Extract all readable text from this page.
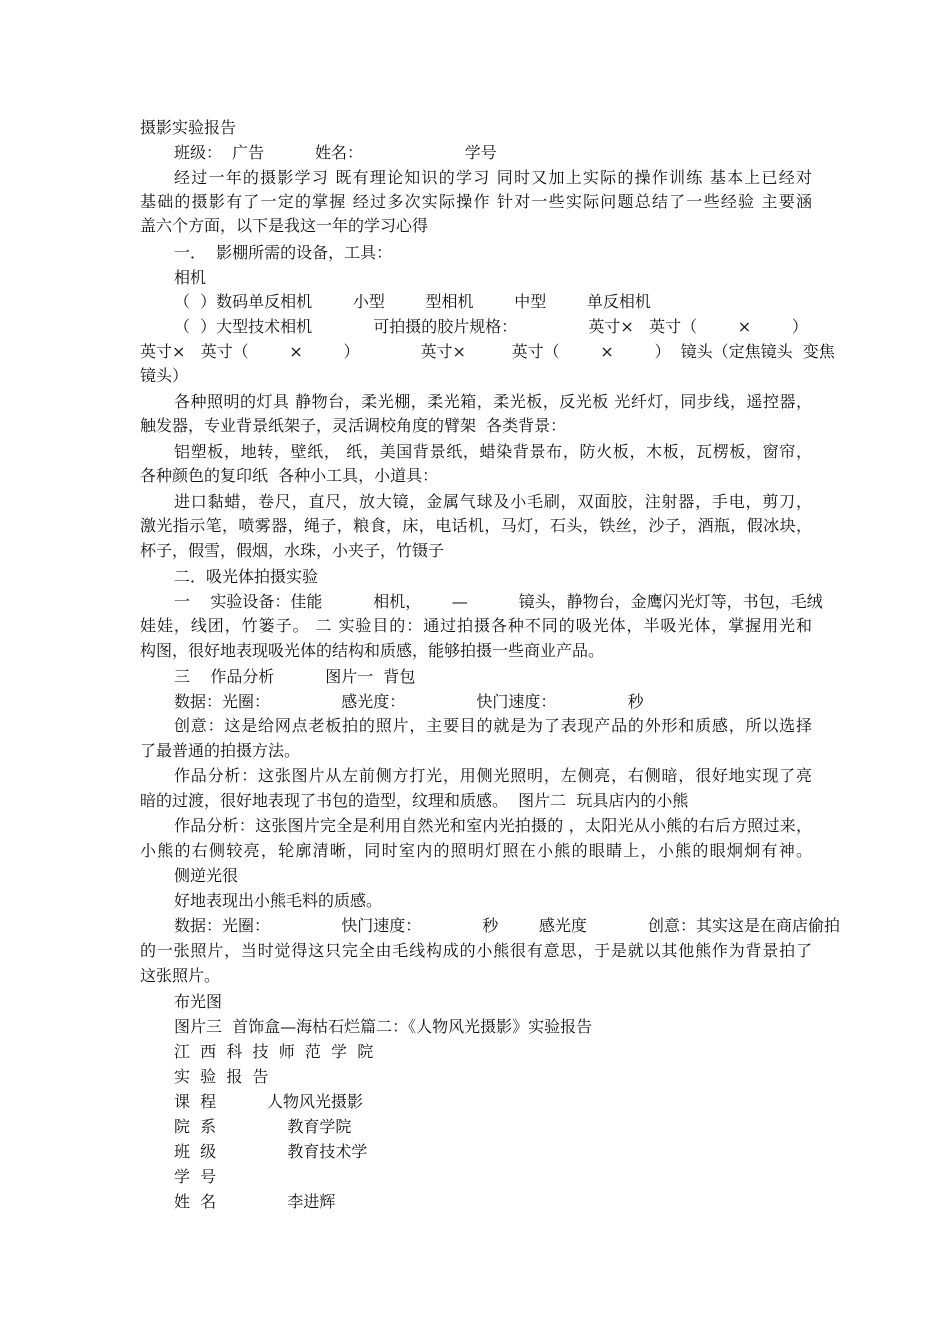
摄影实验报告
班级：  广告          姓名：                    学号
经过一年的摄影学习 既有理论知识的学习 同时又加上实际的操作训练 基本上已经对
基础的摄影有了一定的掌握 经过多次实际操作 针对一些实际问题总结了一些经验 主要涵
盖六个方面，以下是我这一年的学习心得
一．  影棚所需的设备，工具：
相机
（  ）数码单反相机        小型        型相机        中型        单反相机
（  ）大型技术相机            可拍摄的胶片规格：              英寸×   英寸（        ×        ）
英寸×   英寸（        ×        ）            英寸×         英寸（        ×        ）  镜头（定焦镜头  变焦
镜头）
各种照明的灯具 静物台，柔光棚，柔光箱，柔光板，反光板 光纤灯，同步线，遥控器，
触发器，专业背景纸架子，灵活调校角度的臂架  各类背景：
铝塑板，地转，壁纸， 纸，美国背景纸，蜡染背景布，防火板，木板，瓦楞板，窗帘，
各种颜色的复印纸  各种小工具，小道具：
进口黏蜡，卷尺，直尺，放大镜，金属气球及小毛刷，双面胶，注射器，手电，剪刀，
激光指示笔，喷雾器，绳子，粮食，床，电话机，马灯，石头，铁丝，沙子，酒瓶，假冰块，
杯子，假雪，假烟，水珠，小夹子，竹镊子
二．吸光体拍摄实验
一    实验设备：佳能          相机，      —          镜头，静物台，金鹰闪光灯等，书包，毛绒
娃娃，线团，竹篓子。 二 实验目的：通过拍摄各种不同的吸光体，半吸光体，掌握用光和
构图，很好地表现吸光体的结构和质感，能够拍摄一些商业产品。
三    作品分析          图片一  背包
数据：光圈：              感光度：              快门速度：              秒
创意：这是给网点老板拍的照片，主要目的就是为了表现产品的外形和质感，所以选择
了最普通的拍摄方法。
作品分析：这张图片从左前侧方打光，用侧光照明，左侧亮，右侧暗，很好地实现了亮
暗的过渡，很好地表现了书包的造型，纹理和质感。  图片二  玩具店内的小熊
作品分析：这张图片完全是利用自然光和室内光拍摄的 ，太阳光从小熊的右后方照过来，
小熊的右侧较亮，轮廓清晰，同时室内的照明灯照在小熊的眼睛上，小熊的眼炯炯有神。
侧逆光很
好地表现出小熊毛料的质感。
数据：光圈：              快门速度：            秒        感光度            创意：其实这是在商店偷拍
的一张照片，当时觉得这只完全由毛线构成的小熊很有意思，于是就以其他熊作为背景拍了
这张照片。
布光图
图片三  首饰盒—海枯石烂篇二：《人物风光摄影》实验报告
江  西  科  技  师  范  学  院
实  验  报  告
课  程          人物风光摄影
院  系              教育学院
班  级              教育技术学
学  号
姓  名              李进辉
